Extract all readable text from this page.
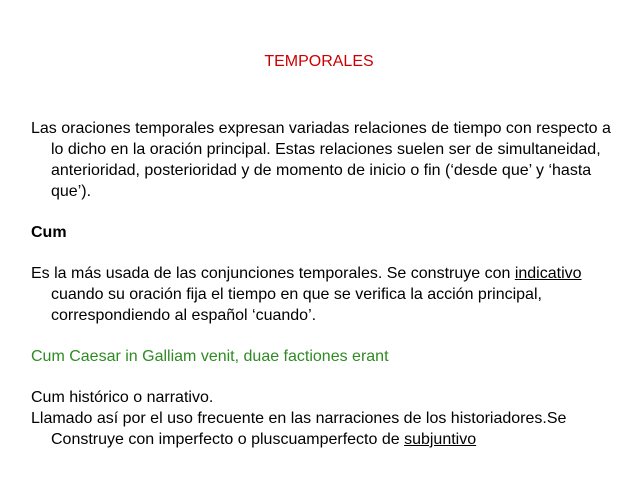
TEMPORALES

Las oraciones temporales expresan variadas relaciones de tiempo con respecto a lo dicho en la oración principal. Estas relaciones suelen ser de simultaneidad, anterioridad, posterioridad y de momento de inicio o fin (‘desde que’ y ‘hasta que’).

Cum

Es la más usada de las conjunciones temporales. Se construye con indicativo cuando su oración fija el tiempo en que se verifica la acción principal, correspondiendo al español ‘cuando’.

Cum Caesar in Galliam venit, duae factiones erant

Cum histórico o narrativo.

Llamado así por el uso frecuente en las narraciones de los historiadores.Se Construye con imperfecto o pluscuamperfecto de subjuntivo
